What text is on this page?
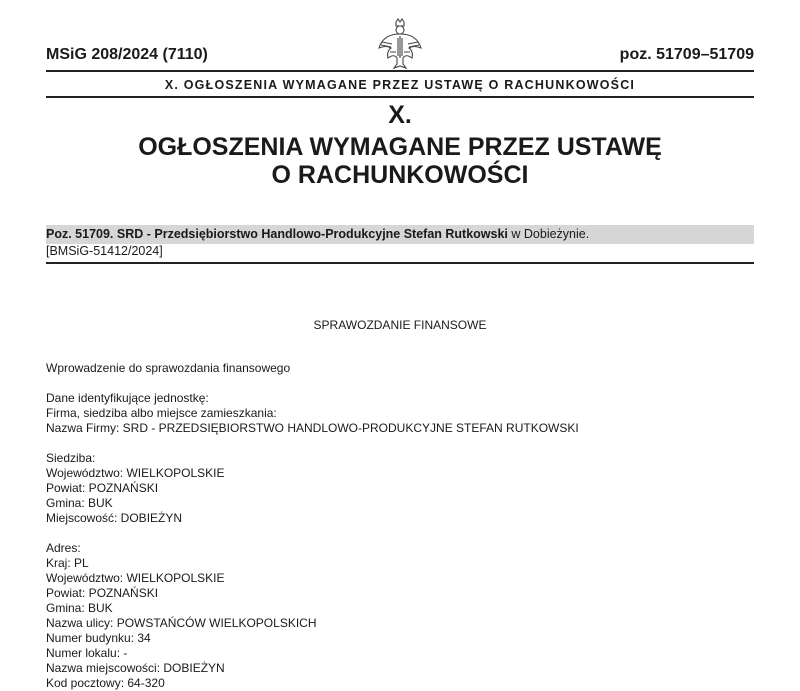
MSiG 208/2024 (7110)	poz. 51709–51709
X. OGŁOSZENIA WYMAGANE PRZEZ USTAWĘ O RACHUNKOWOŚCI
X.
OGŁOSZENIA WYMAGANE PRZEZ USTAWĘ
O RACHUNKOWOŚCI
Poz. 51709. SRD - Przedsiębiorstwo Handlowo-Produkcyjne Stefan Rutkowski w Dobieżynie.
[BMSiG-51412/2024]
SPRAWOZDANIE FINANSOWE
Wprowadzenie do sprawozdania finansowego
Dane identyfikujące jednostkę:
Firma, siedziba albo miejsce zamieszkania:
Nazwa Firmy: SRD - PRZEDSIĘBIORSTWO HANDLOWO-PRODUKCYJNE STEFAN RUTKOWSKI
Siedziba:
Województwo: WIELKOPOLSKIE
Powiat: POZNAŃSKI
Gmina: BUK
Miejscowość: DOBIEŻYN
Adres:
Kraj: PL
Województwo: WIELKOPOLSKIE
Powiat: POZNAŃSKI
Gmina: BUK
Nazwa ulicy: POWSTAŃCÓW WIELKOPOLSKICH
Numer budynku: 34
Numer lokalu: -
Nazwa miejscowości: DOBIEŻYN
Kod pocztowy: 64-320
